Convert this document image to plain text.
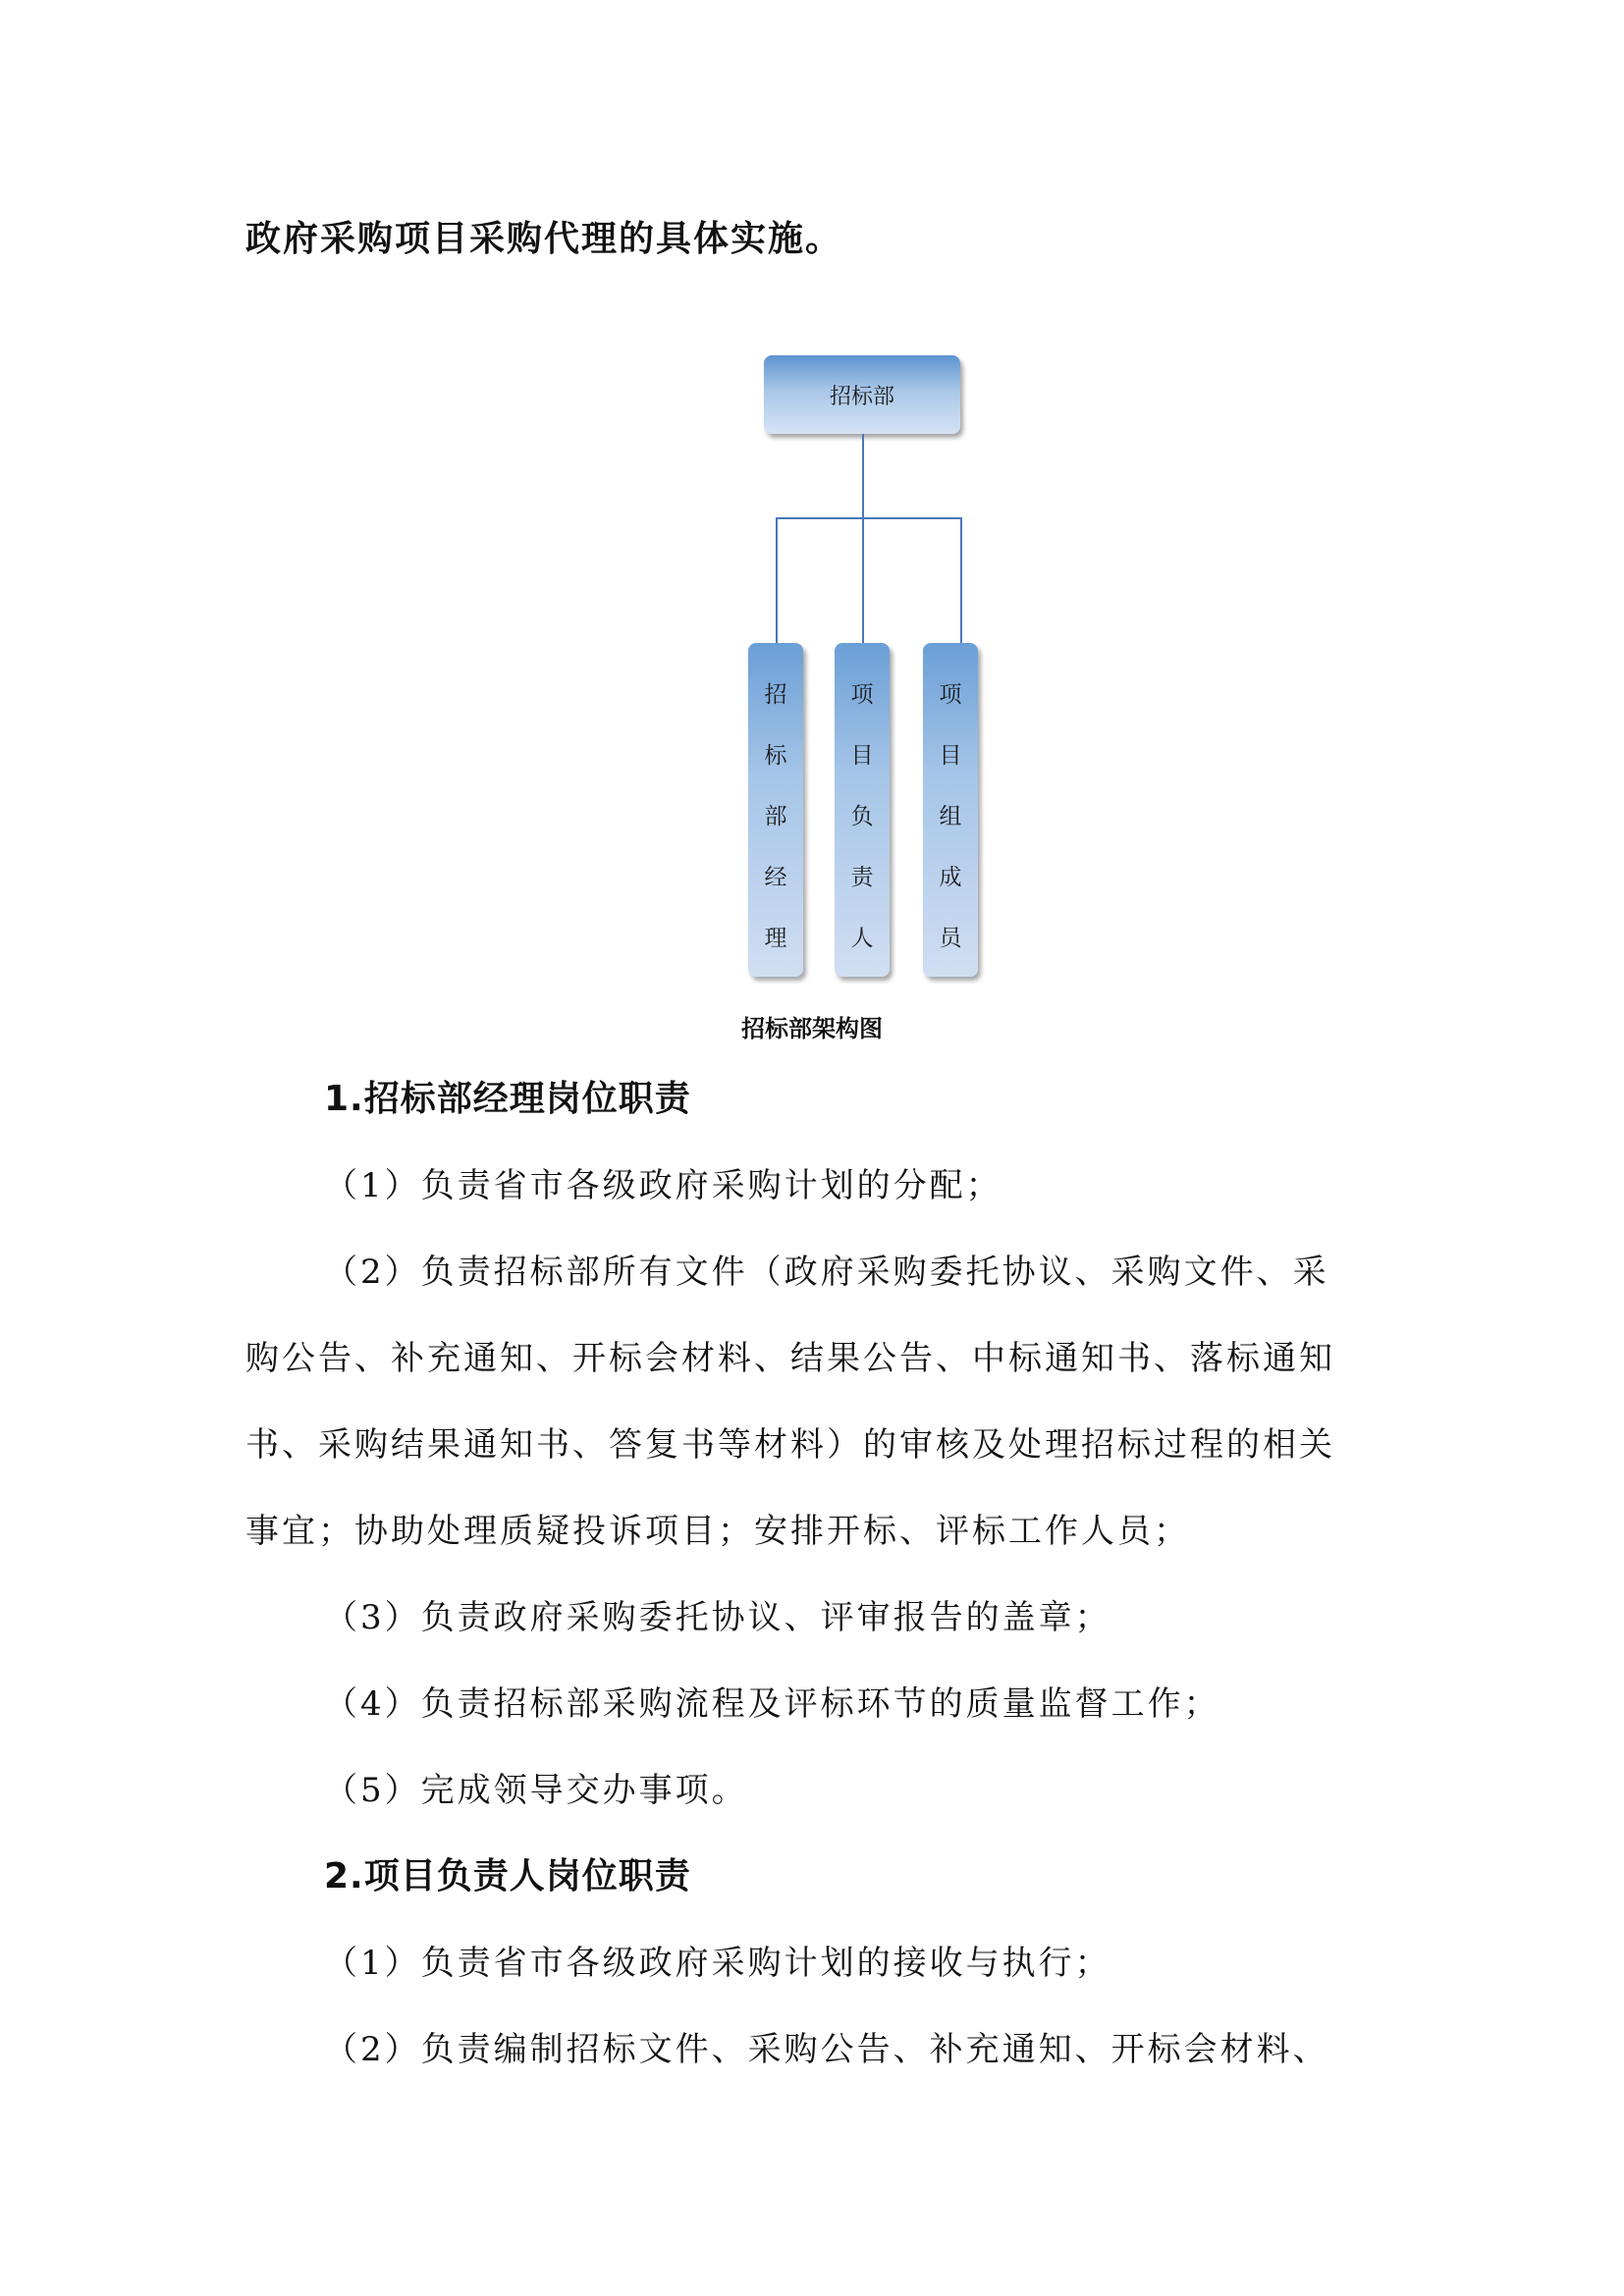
政府采购项目采购代理的具体实施。

招标部
招
标
部
经
理
项
目
负
责
人
项
目
组
成
员
招标部架构图

1.招标部经理岗位职责

（1）负责省市各级政府采购计划的分配；

（2）负责招标部所有文件（政府采购委托协议、采购文件、采

购公告、补充通知、开标会材料、结果公告、中标通知书、落标通知

书、采购结果通知书、答复书等材料）的审核及处理招标过程的相关

事宜；协助处理质疑投诉项目；安排开标、评标工作人员；

（3）负责政府采购委托协议、评审报告的盖章；

（4）负责招标部采购流程及评标环节的质量监督工作；

（5）完成领导交办事项。

2.项目负责人岗位职责

（1）负责省市各级政府采购计划的接收与执行；

（2）负责编制招标文件、采购公告、补充通知、开标会材料、
